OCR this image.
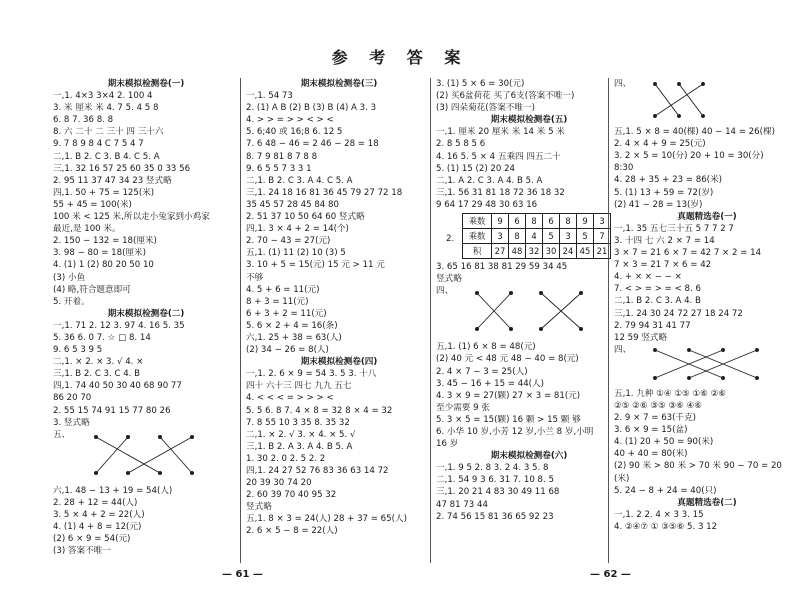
参 考 答 案
期末模拟检测卷(一)
一,1. 4×3 3×4 2. 100 4
3. 米 厘米 米 4. 7 5. 4 5 8
6. 8 7. 36 8. 8
8. 六 二十 二 三十 四 三十六
9. 7 8 9 8 4 C 7 5 4 7
二,1. B 2. C 3. B 4. C 5. A
三,1. 32 16 57 25 60 35 0 33 56
2. 95 11 37 47 34 23 竖式略
四,1. 50 + 75 = 125(米)
55 + 45 = 100(米)
100 米 < 125 米,所以走小兔家到小鸡家
最近,是 100 米。
2. 150 − 132 = 18(厘米)
3. 98 − 80 = 18(厘米)
4. (1) 1 (2) 80 20 50 10
(3) 小鱼
(4) 略,符合题意即可
5. 开着。
期末模拟检测卷(二)
一,1. 71 2. 12 3. 97 4. 16 5. 35
5. 36 6. 0 7. ☆ □ 8. 14
9. 6 5 3 9 5
二,1. × 2. × 3. √ 4. ×
三,1. B 2. C 3. C 4. B
四,1. 74 40 50 30 40 68 90 77
86 20 70
2. 55 15 74 91 15 77 80 26
3. 竖式略
五、
六,1. 48 − 13 + 19 = 54(人)
2. 28 + 12 = 44(人)
3. 5 × 4 + 2 = 22(人)
4. (1) 4 + 8 = 12(元)
(2) 6 × 9 = 54(元)
(3) 答案不唯一
期末模拟检测卷(三)
一,1. 54 73
2. (1) A B (2) B (3) B (4) A 3. 3
4. > > = > > < > <
5. 6;40 或 16;8 6. 12 5
7. 6 48 − 46 = 2 46 − 28 = 18
8. 7 9 81 8 7 8 8
9. 6 5 5 7 3 3 1
二,1. B 2. C 3. A 4. C 5. A
三,1. 24 18 16 81 36 45 79 27 72 18
35 45 57 28 45 84 80
2. 51 37 10 50 64 60 竖式略
四,1. 3 × 4 + 2 = 14(个)
2. 70 − 43 = 27(元)
五,1. (1) 11 (2) 10 (3) 5
3. 10 + 5 = 15(元) 15 元 > 11 元
不够
4. 5 + 6 = 11(元)
8 + 3 = 11(元)
6 + 3 + 2 = 11(元)
5. 6 × 2 + 4 = 16(条)
六,1. 25 + 38 = 63(人)
(2) 34 − 26 = 8(人)
期末模拟检测卷(四)
一,1. 2. 6 × 9 = 54 3. 5 3. 十八
四十 六十三 四七 九九 五七
4. < < < = > > > <
5. 5 6. 8 7. 4 × 8 = 32 8 × 4 = 32
7. 8 55 10 3 35 8. 35 32
二,1. × 2. √ 3. × 4. × 5. √
三,1. B 2. A 3. A 4. B 5. A
1. 30 2. 0 2. 5 2. 2
四,1. 24 27 52 76 83 36 63 14 72
20 39 30 74 20
2. 60 39 70 40 95 32
竖式略
五,1. 8 × 3 = 24(人) 28 + 37 = 65(人)
2. 6 × 5 − 8 = 22(人)
3. (1) 5 × 6 = 30(元)
(2) 买6盆荷花 买了6支(答案不唯一)
(3) 四朵菊花(答案不唯一)
期末模拟检测卷(五)
一,1. 厘米 20 厘米 米 14 米 5 米
2. 8 5 8 5 6
4. 16 5. 5 × 4 五乘四 四五二十
5. (1) 15 (2) 20 24
二,1. A 2. C 3. A 4. B 5. A
三,1. 56 31 81 18 72 36 18 32
9 64 17 29 48 30 63 16
2.
乘数	9	6	8	6	8	9	3
乘数	3	8	4	5	3	5	7
积	27	48	32	30	24	45	21
3. 65 16 81 38 81 29 59 34 45
竖式略
四、
五,1. (1) 6 × 8 = 48(元)
(2) 40 元 < 48 元 48 − 40 = 8(元)
2. 4 × 7 − 3 = 25(人)
3. 45 − 16 + 15 = 44(人)
4. 3 × 9 = 27(颗) 27 × 3 = 81(元)
至少需要 9 张
5. 3 × 5 = 15(颗) 16 颗 > 15 颗 够
6. 小华 10 岁,小芳 12 岁,小兰 8 岁,小明
16 岁
期末模拟检测卷(六)
一,1. 9 5 2. 8 3. 2 4. 3 5. 8
二,1. 54 9 3 6. 31 7. 10 8. 5
三,1. 20 21 4 83 30 49 11 68
47 81 73 44
2. 74 56 15 81 36 65 92 23
四、
五,1. 5 × 8 = 40(棵) 40 − 14 = 26(棵)
2. 4 × 4 + 9 = 25(元)
3. 2 × 5 = 10(分) 20 + 10 = 30(分)
8:30
4. 28 + 35 + 23 = 86(米)
5. (1) 13 + 59 = 72(岁)
(2) 41 − 28 = 13(岁)
真题精选卷(一)
一,1. 35 五七三十五 5 7 7 2 7
3. 十四 七 六 2 × 7 = 14
3 × 7 = 21 6 × 7 = 42 7 × 2 = 14
7 × 3 = 21 7 × 6 = 42
4. + × × − − ×
7. < > = > = < 8. 6
二,1. B 2. C 3. A 4. B
三,1. 24 30 24 72 27 18 24 72
2. 79 94 31 41 77
12 59 竖式略
四、
五,1. 九种 ①④ ①⑤ ①⑥ ②⑥
②⑤ ②⑥ ③⑤ ③⑥ ④⑥
2. 9 × 7 = 63(千克)
3. 6 × 9 = 15(盆)
4. (1) 20 + 50 = 90(米)
40 + 40 = 80(米)
(2) 90 米 > 80 米 > 70 米 90 − 70 = 20
(米)
5. 24 − 8 + 24 = 40(只)
真题精选卷(二)
一,1. 2 2. 4 × 3 3. 15
4. ②④⑦ ① ③⑤⑥ 5. 3 12
— 61 —	— 62 —
